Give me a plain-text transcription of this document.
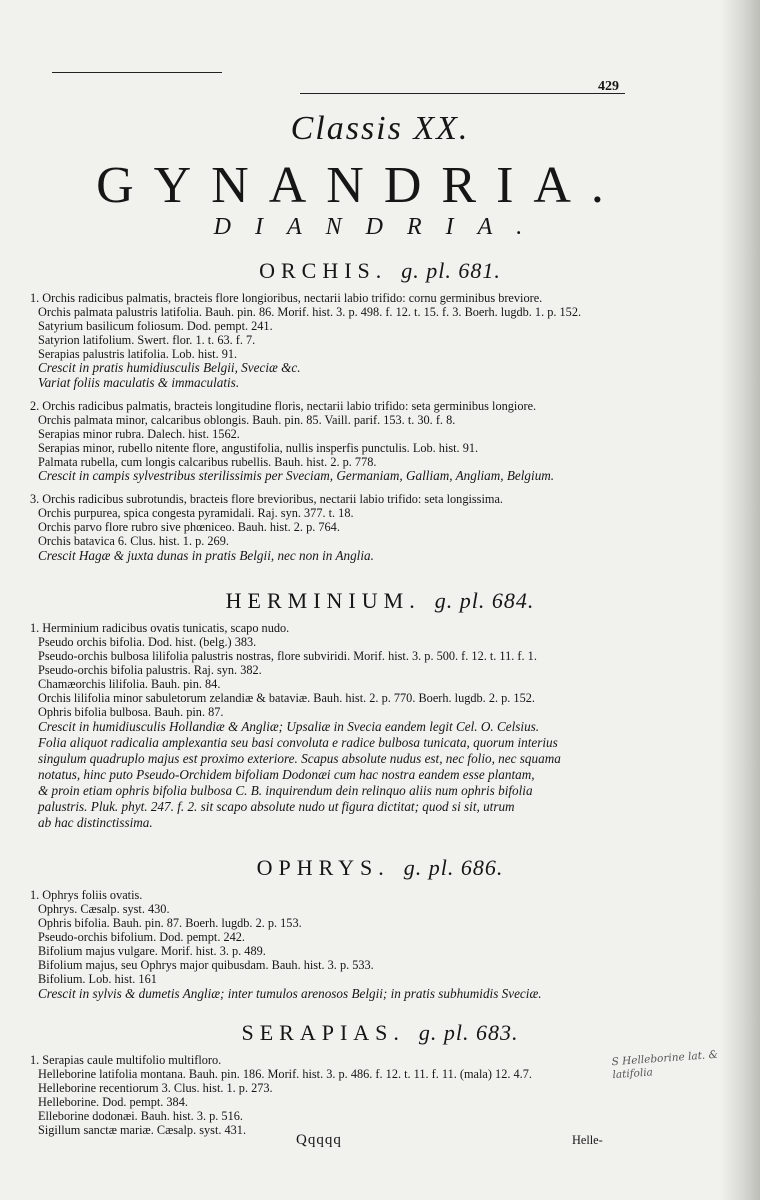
429
Classis XX.
GYNANDRIA.
DIANDRIA.
ORCHIS. g. pl. 681.
1. Orchis radicibus palmatis, bracteis flore longioribus, nectarii labio trifido: cornu germinibus breviore.
Orchis palmata palustris latifolia. Bauh. pin. 86. Morif. hist. 3. p. 498. f. 12. t. 15. f. 3. Boerh. lugdb. 1. p. 152.
Satyrium basilicum foliosum. Dod. pempt. 241.
Satyrion latifolium. Swert. flor. 1. t. 63. f. 7.
Serapias palustris latifolia. Lob. hist. 91.
Crescit in pratis humidiusculis Belgii, Sveciæ &c.
Variat foliis maculatis & immaculatis.
2. Orchis radicibus palmatis, bracteis longitudine floris, nectarii labio trifido: seta germinibus longiore.
Orchis palmata minor, calcaribus oblongis. Bauh. pin. 85. Vaill. parif. 153. t. 30. f. 8.
Serapias minor rubra. Dalech. hist. 1562.
Serapias minor, rubello nitente flore, angustifolia, nullis insperfis punctulis. Lob. hist. 91.
Palmata rubella, cum longis calcaribus rubellis. Bauh. hist. 2. p. 778.
Crescit in campis sylvestribus sterilissimis per Sveciam, Germaniam, Galliam, Angliam, Belgium.
3. Orchis radicibus subrotundis, bracteis flore brevioribus, nectarii labio trifido: seta longissima.
Orchis purpurea, spica congesta pyramidali. Raj. syn. 377. t. 18.
Orchis parvo flore rubro sive phœniceo. Bauh. hist. 2. p. 764.
Orchis batavica 6. Clus. hist. 1. p. 269.
Crescit Hagæ & juxta dunas in pratis Belgii, nec non in Anglia.
HERMINIUM. g. pl. 684.
1. Herminium radicibus ovatis tunicatis, scapo nudo.
Pseudo orchis bifolia. Dod. hist. (belg.) 383.
Pseudo-orchis bulbosa lilifolia palustris nostras, flore subviridi. Morif. hist. 3. p. 500. f. 12. t. 11. f. 1.
Pseudo-orchis bifolia palustris. Raj. syn. 382.
Chamæorchis lilifolia. Bauh. pin. 84.
Orchis lilifolia minor sabuletorum zelandiæ & bataviæ. Bauh. hist. 2. p. 770. Boerh. lugdb. 2. p. 152.
Ophris bifolia bulbosa. Bauh. pin. 87.
Crescit in humidiusculis Hollandiæ & Angliæ; Upsaliæ in Svecia eandem legit Cel. O. Celsius.
Folia aliquot radicalia amplexantia seu basi convoluta e radice bulbosa tunicata, quorum interius
singulum quadruplo majus est proximo exteriore. Scapus absolute nudus est, nec folio, nec squama
notatus, hinc puto Pseudo-Orchidem bifoliam Dodonæi cum hac nostra eandem esse plantam,
& proin etiam ophris bifolia bulbosa C. B. inquirendum dein relinquo aliis num ophris bifolia
palustris. Pluk. phyt. 247. f. 2. sit scapo absolute nudo ut figura dictitat; quod si sit, utrum
ab hac distinctissima.
OPHRYS. g. pl. 686.
1. Ophrys foliis ovatis.
Ophrys. Cæsalp. syst. 430.
Ophris bifolia. Bauh. pin. 87. Boerh. lugdb. 2. p. 153.
Pseudo-orchis bifolium. Dod. pempt. 242.
Bifolium majus vulgare. Morif. hist. 3. p. 489.
Bifolium majus, seu Ophrys major quibusdam. Bauh. hist. 3. p. 533.
Bifolium. Lob. hist. 161
Crescit in sylvis & dumetis Angliæ; inter tumulos arenosos Belgii; in pratis subhumidis Sveciæ.
SERAPIAS. g. pl. 683.
1. Serapias caule multifolio multifloro.
Helleborine latifolia montana. Bauh. pin. 186. Morif. hist. 3. p. 486. f. 12. t. 11. f. 11. (mala) 12. 4.7.
Helleborine recentiorum 3. Clus. hist. 1. p. 273.
Helleborine. Dod. pempt. 384.
Elleborine dodonæi. Bauh. hist. 3. p. 516.
Sigillum sanctæ mariæ. Cæsalp. syst. 431.
S Helleborine lat. & latifolia
Qqqqq	Helle-
